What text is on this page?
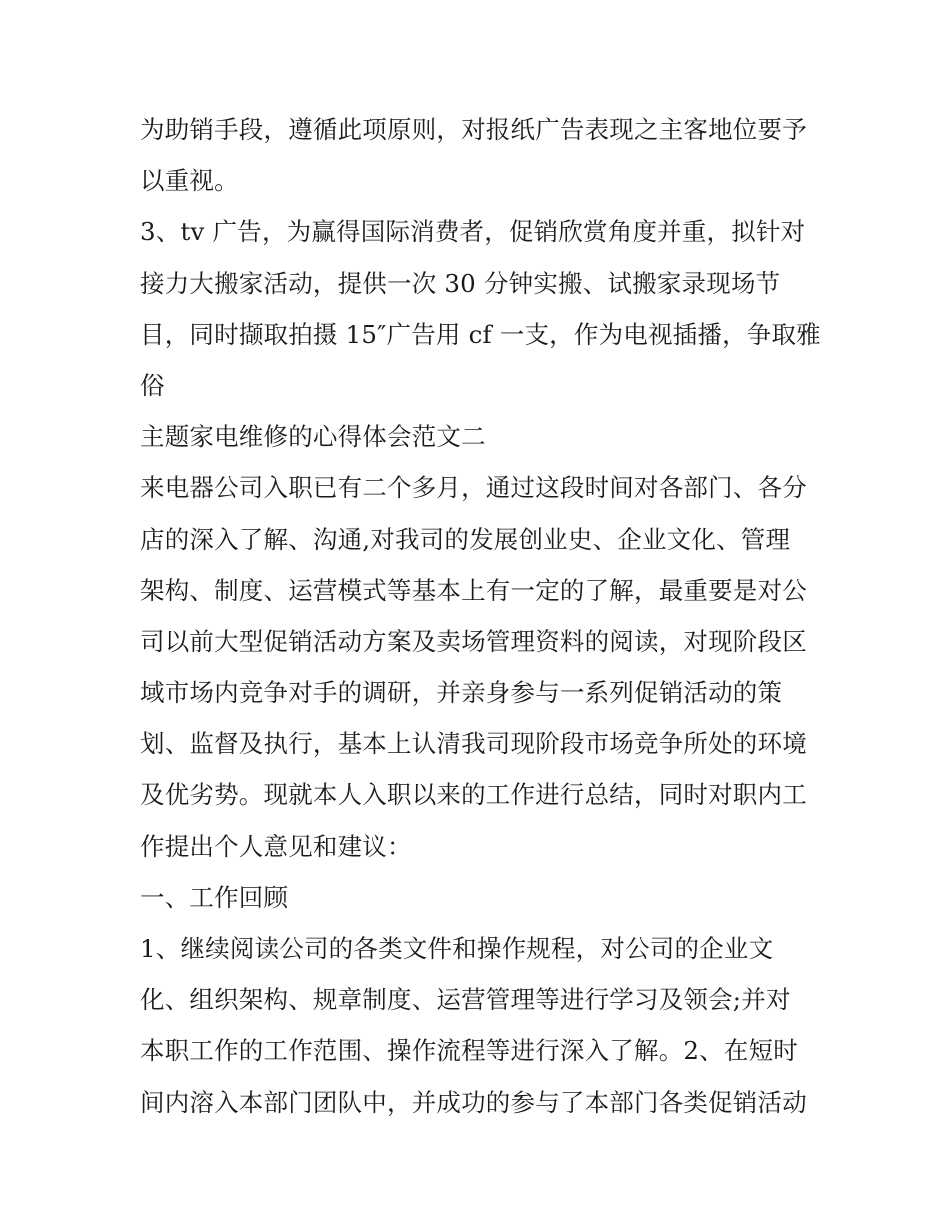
为助销手段，遵循此项原则，对报纸广告表现之主客地位要予
以重视。
3、tv 广告，为赢得国际消费者，促销欣赏角度并重，拟针对
接力大搬家活动，提供一次 30 分钟实搬、试搬家录现场节
目，同时撷取拍摄 15″广告用 cf 一支，作为电视插播，争取雅
俗
主题家电维修的心得体会范文二
来电器公司入职已有二个多月，通过这段时间对各部门、各分
店的深入了解、沟通,对我司的发展创业史、企业文化、管理
架构、制度、运营模式等基本上有一定的了解，最重要是对公
司以前大型促销活动方案及卖场管理资料的阅读，对现阶段区
域市场内竞争对手的调研，并亲身参与一系列促销活动的策
划、监督及执行，基本上认清我司现阶段市场竞争所处的环境
及优劣势。现就本人入职以来的工作进行总结，同时对职内工
作提出个人意见和建议：
一、工作回顾
1、继续阅读公司的各类文件和操作规程，对公司的企业文
化、组织架构、规章制度、运营管理等进行学习及领会;并对
本职工作的工作范围、操作流程等进行深入了解。2、在短时
间内溶入本部门团队中，并成功的参与了本部门各类促销活动
